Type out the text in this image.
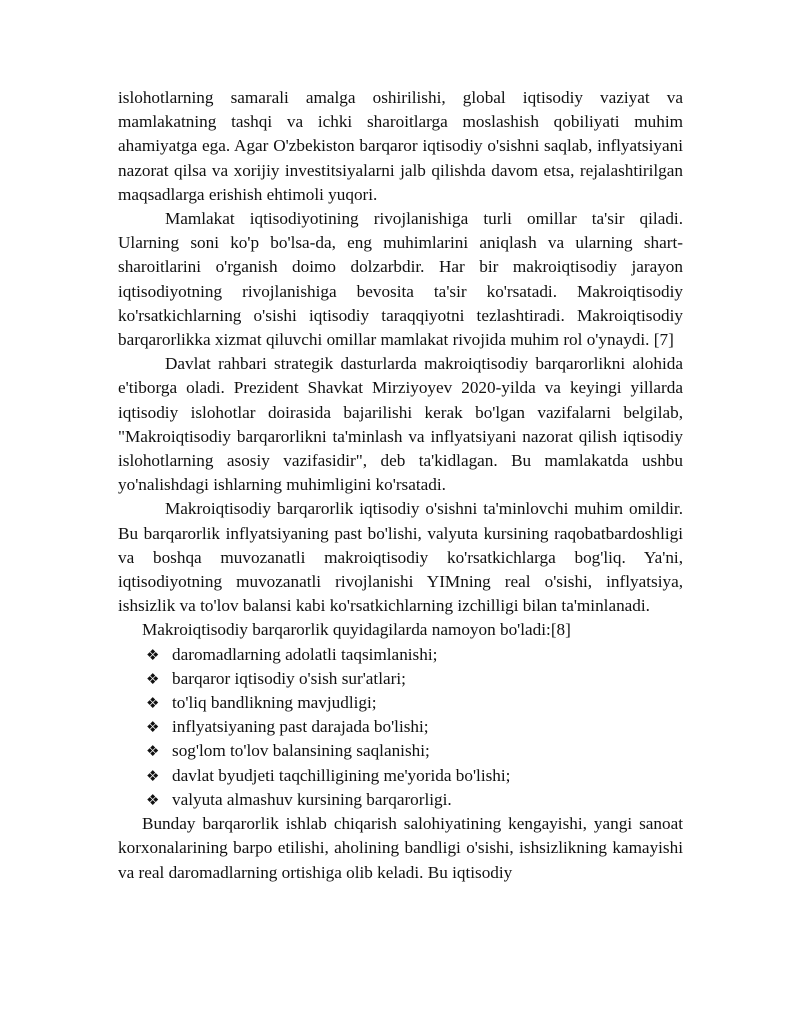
islohotlarning samarali amalga oshirilishi, global iqtisodiy vaziyat va mamlakatning tashqi va ichki sharoitlarga moslashish qobiliyati muhim ahamiyatga ega. Agar O'zbekiston barqaror iqtisodiy o'sishni saqlab, inflyatsiyani nazorat qilsa va xorijiy investitsiyalarni jalb qilishda davom etsa, rejalashtirilgan maqsadlarga erishish ehtimoli yuqori.

Mamlakat iqtisodiyotining rivojlanishiga turli omillar ta'sir qiladi. Ularning soni ko'p bo'lsa-da, eng muhimlarini aniqlash va ularning shart-sharoitlarini o'rganish doimo dolzarbdir. Har bir makroiqtisodiy jarayon iqtisodiyotning rivojlanishiga bevosita ta'sir ko'rsatadi. Makroiqtisodiy ko'rsatkichlarning o'sishi iqtisodiy taraqqiyotni tezlashtiradi. Makroiqtisodiy barqarorlikka xizmat qiluvchi omillar mamlakat rivojida muhim rol o'ynaydi. [7]

Davlat rahbari strategik dasturlarda makroiqtisodiy barqarorlikni alohida e'tiborga oladi. Prezident Shavkat Mirziyoyev 2020-yilda va keyingi yillarda iqtisodiy islohotlar doirasida bajarilishi kerak bo'lgan vazifalarni belgilab, "Makroiqtisodiy barqarorlikni ta'minlash va inflyatsiyani nazorat qilish iqtisodiy islohotlarning asosiy vazifasidir", deb ta'kidlagan. Bu mamlakatda ushbu yo'nalishdagi ishlarning muhimligini ko'rsatadi.

Makroiqtisodiy barqarorlik iqtisodiy o'sishni ta'minlovchi muhim omildir. Bu barqarorlik inflyatsiyaning past bo'lishi, valyuta kursining raqobatbardoshligi va boshqa muvozanatli makroiqtisodiy ko'rsatkichlarga bog'liq. Ya'ni, iqtisodiyotning muvozanatli rivojlanishi YIMning real o'sishi, inflyatsiya, ishsizlik va to'lov balansi kabi ko'rsatkichlarning izchilligi bilan ta'minlanadi.

Makroiqtisodiy barqarorlik quyidagilarda namoyon bo'ladi:[8]

❖ daromadlarning adolatli taqsimlanishi;
❖ barqaror iqtisodiy o'sish sur'atlari;
❖ to'liq bandlikning mavjudligi;
❖ inflyatsiyaning past darajada bo'lishi;
❖ sog'lom to'lov balansining saqlanishi;
❖ davlat byudjeti taqchilligining me'yorida bo'lishi;
❖ valyuta almashuv kursining barqarorligi.

Bunday barqarorlik ishlab chiqarish salohiyatining kengayishi, yangi sanoat korxonalarining barpo etilishi, aholining bandligi o'sishi, ishsizlikning kamayishi va real daromadlarning ortishiga olib keladi. Bu iqtisodiy
